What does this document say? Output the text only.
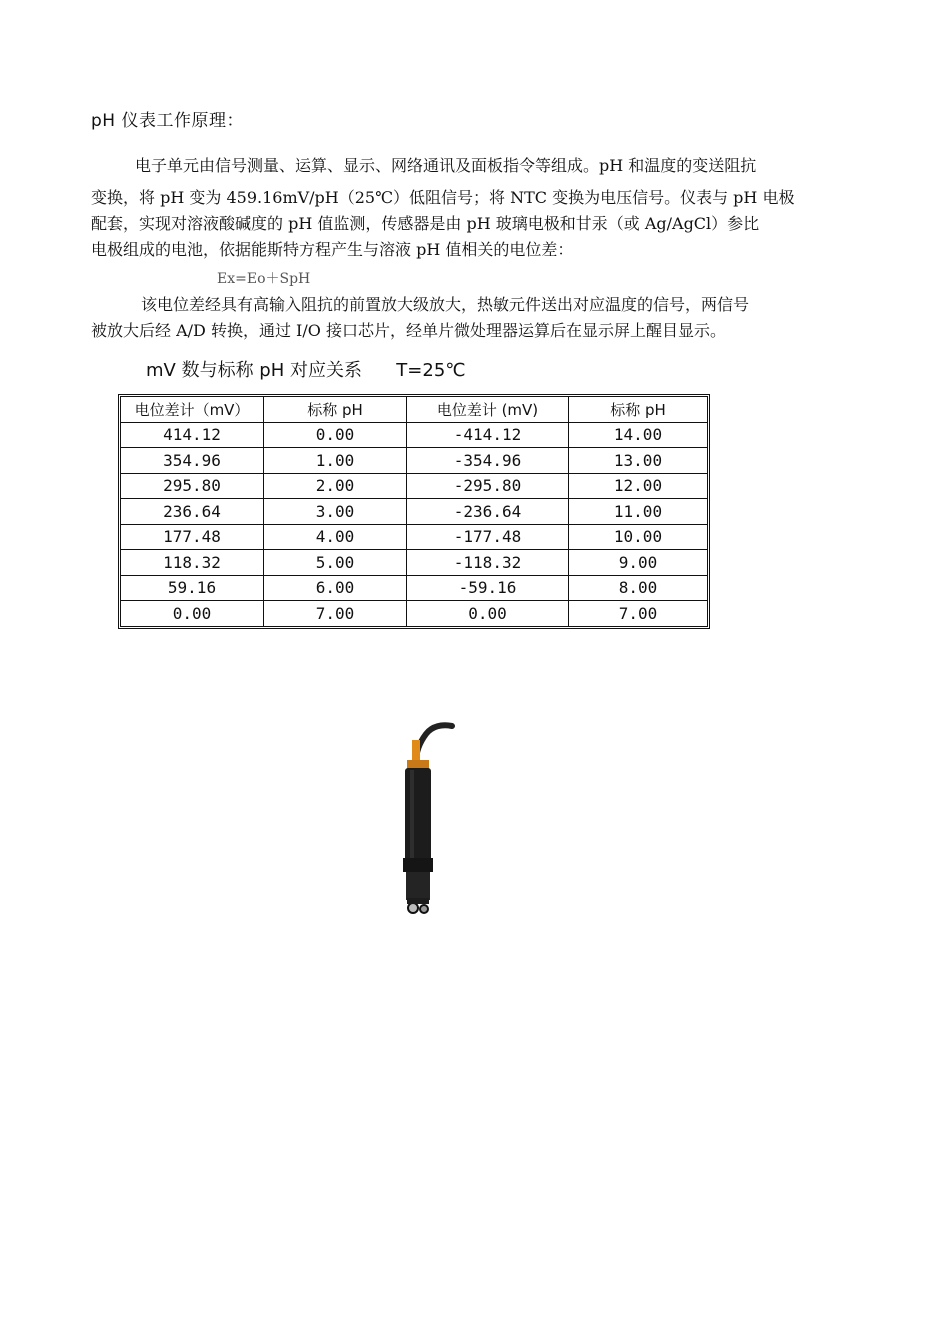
pH 仪表工作原理：

电子单元由信号测量、运算、显示、网络通讯及面板指令等组成。pH 和温度的变送阻抗
变换，将 pH 变为 459.16mV/pH（25℃）低阻信号；将 NTC 变换为电压信号。仪表与 pH 电极
配套，实现对溶液酸碱度的 pH 值监测，传感器是由 pH 玻璃电极和甘汞（或 Ag/AgCl）参比
电极组成的电池，依据能斯特方程产生与溶液 pH 值相关的电位差：

Ex=Eo＋SpH

该电位差经具有高输入阻抗的前置放大级放大，热敏元件送出对应温度的信号，两信号
被放大后经 A/D 转换，通过 I/O 接口芯片，经单片微处理器运算后在显示屏上醒目显示。

mV 数与标称 pH 对应关系      T=25℃
电位差计（mV）	标称 pH	电位差计 (mV)	标称 pH
414.12	0.00	-414.12	14.00
354.96	1.00	-354.96	13.00
295.80	2.00	-295.80	12.00
236.64	3.00	-236.64	11.00
177.48	4.00	-177.48	10.00
118.32	5.00	-118.32	9.00
59.16	6.00	-59.16	8.00
0.00	7.00	0.00	7.00
